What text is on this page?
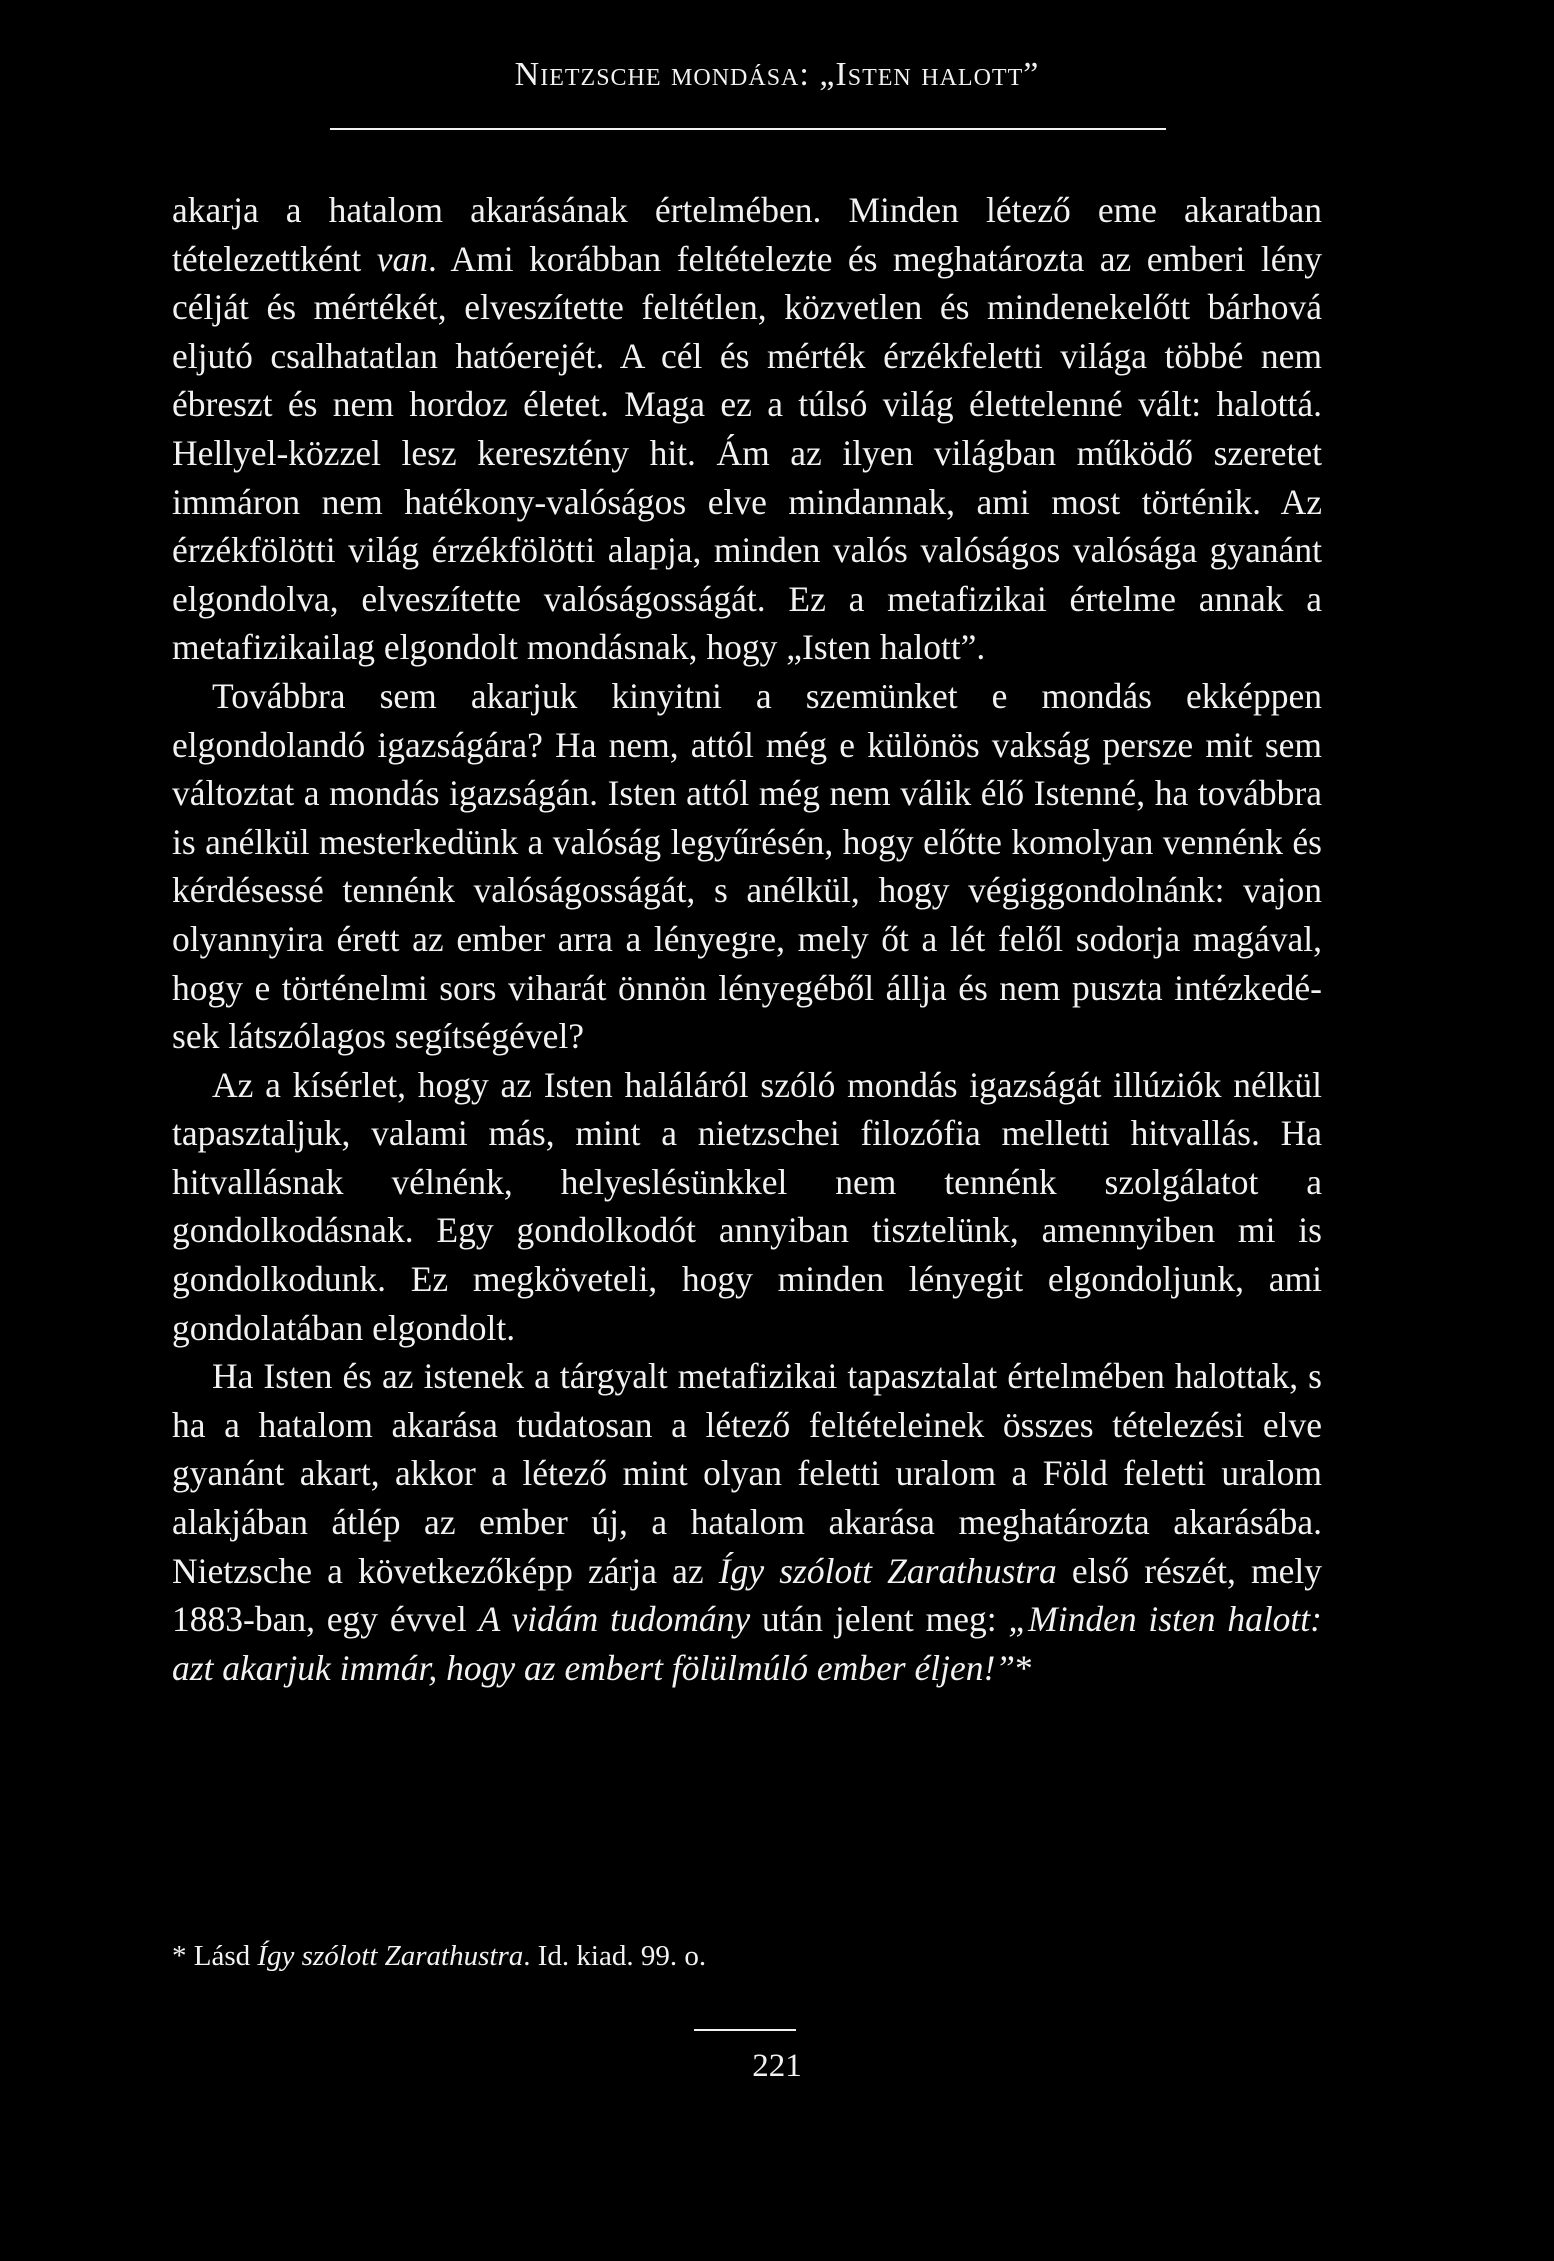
Nietzsche mondása: „Isten halott”

akarja a hatalom akarásának értelmében. Minden létező eme akaratban tételezettként van. Ami korábban feltételezte és meghatározta az emberi lény célját és mértékét, elveszítette feltétlen, közvetlen és mindenekelőtt bárhová eljutó csalhatatlan hatóerejét. A cél és mérték érzékfeletti világa többé nem ébreszt és nem hordoz életet. Maga ez a túlsó világ élettelenné vált: halottá. Hellyel-közzel lesz keresztény hit. Ám az ilyen világban működő szeretet immáron nem hatékony-valóságos elve mindannak, ami most történik. Az érzékfölötti világ érzékfölötti alapja, minden valós valóságos valósága gyanánt elgondolva, elveszítette valóságosságát. Ez a metafizikai értelme annak a metafizikailag elgondolt mondásnak, hogy „Isten halott”.

Továbbra sem akarjuk kinyitni a szemünket e mondás ekképpen elgondolandó igazságára? Ha nem, attól még e különös vakság persze mit sem változtat a mondás igazságán. Isten attól még nem válik élő Istenné, ha továbbra is anélkül mesterkedünk a valóság legyűrésén, hogy előtte komolyan vennénk és kérdésessé tennénk valóságosságát, s anélkül, hogy végiggondolnánk: vajon olyannyira érett az ember arra a lényegre, mely őt a lét felől sodorja magával, hogy e történelmi sors viharát önnön lényegéből állja és nem puszta intézkedések látszólagos segítségével?

Az a kísérlet, hogy az Isten haláláról szóló mondás igazságát illúziók nélkül tapasztaljuk, valami más, mint a nietzschei filozófia melletti hitvallás. Ha hitvallásnak vélnénk, helyeslésünkkel nem tennénk szolgálatot a gondolkodásnak. Egy gondolkodót annyiban tisztelünk, amennyiben mi is gondolkodunk. Ez megköveteli, hogy minden lényegit elgondoljunk, ami gondolatában elgondolt.

Ha Isten és az istenek a tárgyalt metafizikai tapasztalat értelmében halottak, s ha a hatalom akarása tudatosan a létező feltételeinek összes tételezési elve gyanánt akart, akkor a létező mint olyan feletti uralom a Föld feletti uralom alakjában átlép az ember új, a hatalom akarása meghatározta akarásába. Nietzsche a következőképp zárja az Így szólott Zarathustra első részét, mely 1883-ban, egy évvel A vidám tudomány után jelent meg: „Minden isten halott: azt akarjuk immár, hogy az embert fölülmúló ember éljen!”*

* Lásd Így szólott Zarathustra. Id. kiad. 99. o.
221
